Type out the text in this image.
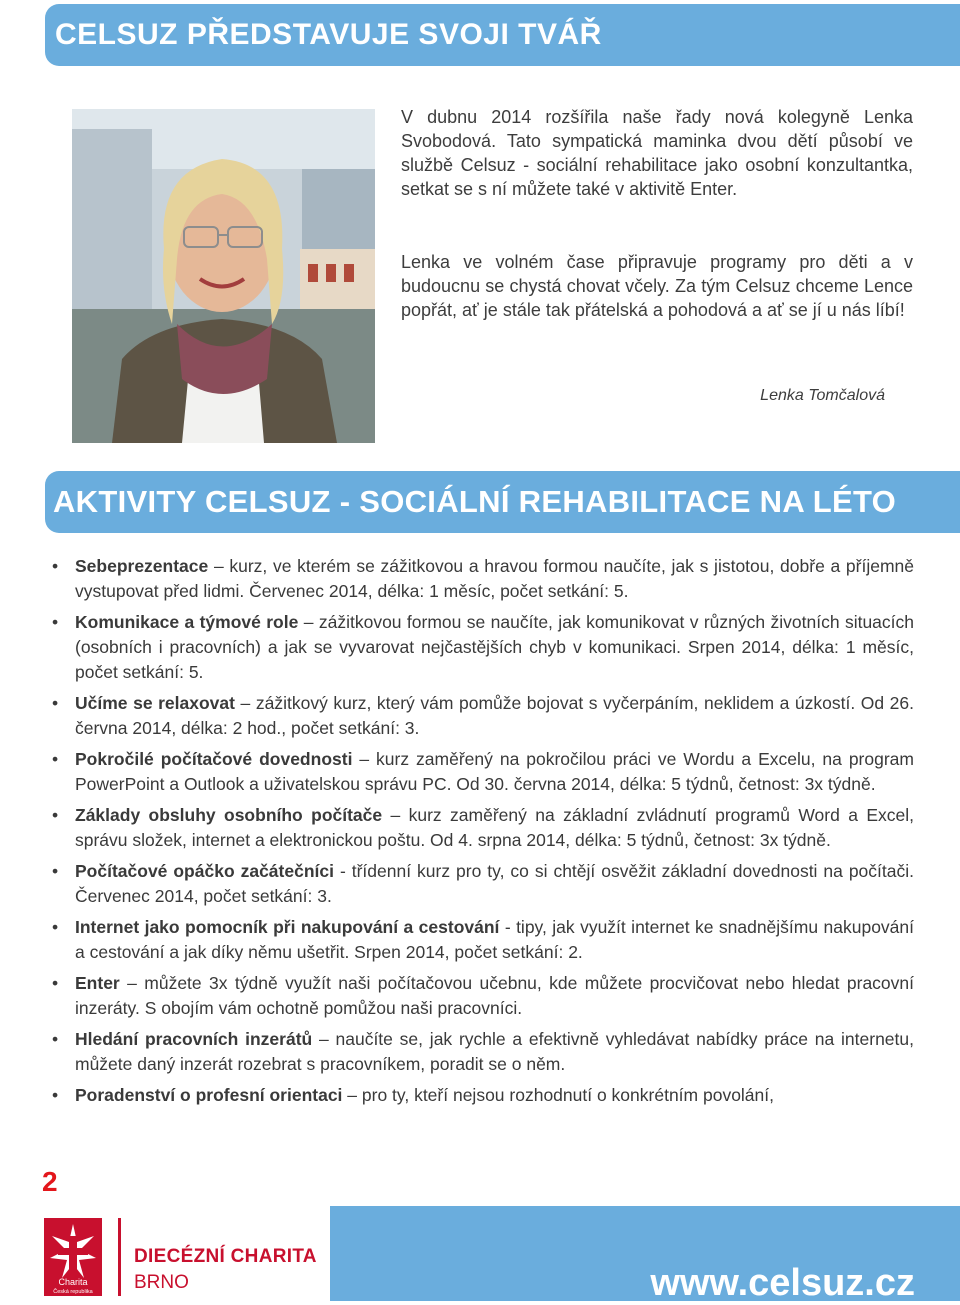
CELSUZ PŘEDSTAVUJE SVOJI TVÁŘ

V dubnu 2014 rozšířila naše řady nová kolegyně Lenka Svobodová. Tato sympatická maminka dvou dětí působí ve službě Celsuz - sociální rehabilitace jako osobní konzultantka, setkat se s ní můžete také v aktivitě Enter.

Lenka ve volném čase připravuje programy pro děti a v budoucnu se chystá chovat včely. Za tým Celsuz chceme Lence popřát, ať je stále tak přátelská a pohodová a ať se jí u nás líbí!

Lenka Tomčalová
AKTIVITY CELSUZ - SOCIÁLNÍ REHABILITACE NA LÉTO
• Sebeprezentace – kurz, ve kterém se zážitkovou a hravou formou naučíte, jak s jistotou, dobře a příjemně vystupovat před lidmi. Červenec 2014, délka: 1 měsíc, počet setkání: 5.
• Komunikace a týmové role – zážitkovou formou se naučíte, jak komunikovat v různých životních situacích (osobních i pracovních) a jak se vyvarovat nejčastějších chyb v komunikaci. Srpen 2014, délka: 1 měsíc, počet setkání: 5.
• Učíme se relaxovat – zážitkový kurz, který vám pomůže bojovat s vyčerpáním, neklidem a úzkostí. Od 26. června 2014, délka: 2 hod., počet setkání: 3.
• Pokročilé počítačové dovednosti – kurz zaměřený na pokročilou práci ve Wordu a Excelu, na program PowerPoint a Outlook a uživatelskou správu PC. Od 30. června 2014, délka: 5 týdnů, četnost: 3x týdně.
• Základy obsluhy osobního počítače – kurz zaměřený na základní zvládnutí programů Word a Excel, správu složek, internet a elektronickou poštu. Od 4. srpna 2014, délka: 5 týdnů, četnost: 3x týdně.
• Počítačové opáčko začátečníci - třídenní kurz pro ty, co si chtějí osvěžit základní dovednosti na počítači. Červenec 2014, počet setkání: 3.
• Internet jako pomocník při nakupování a cestování - tipy, jak využít internet ke snadnějšímu nakupování a cestování a jak díky němu ušetřit. Srpen 2014, počet setkání: 2.
• Enter – můžete 3x týdně využít naši počítačovou učebnu, kde můžete procvičovat nebo hledat pracovní inzeráty. S obojím vám ochotně pomůžou naši pracovníci.
• Hledání pracovních inzerátů – naučíte se, jak rychle a efektivně vyhledávat nabídky práce na internetu, můžete daný inzerát rozebrat s pracovníkem, poradit se o něm.
• Poradenství o profesní orientaci – pro ty, kteří nejsou rozhodnutí o konkrétním povolání,
2
Charita
Česká republika
DIECÉZNÍ CHARITA
BRNO	www.celsuz.cz
